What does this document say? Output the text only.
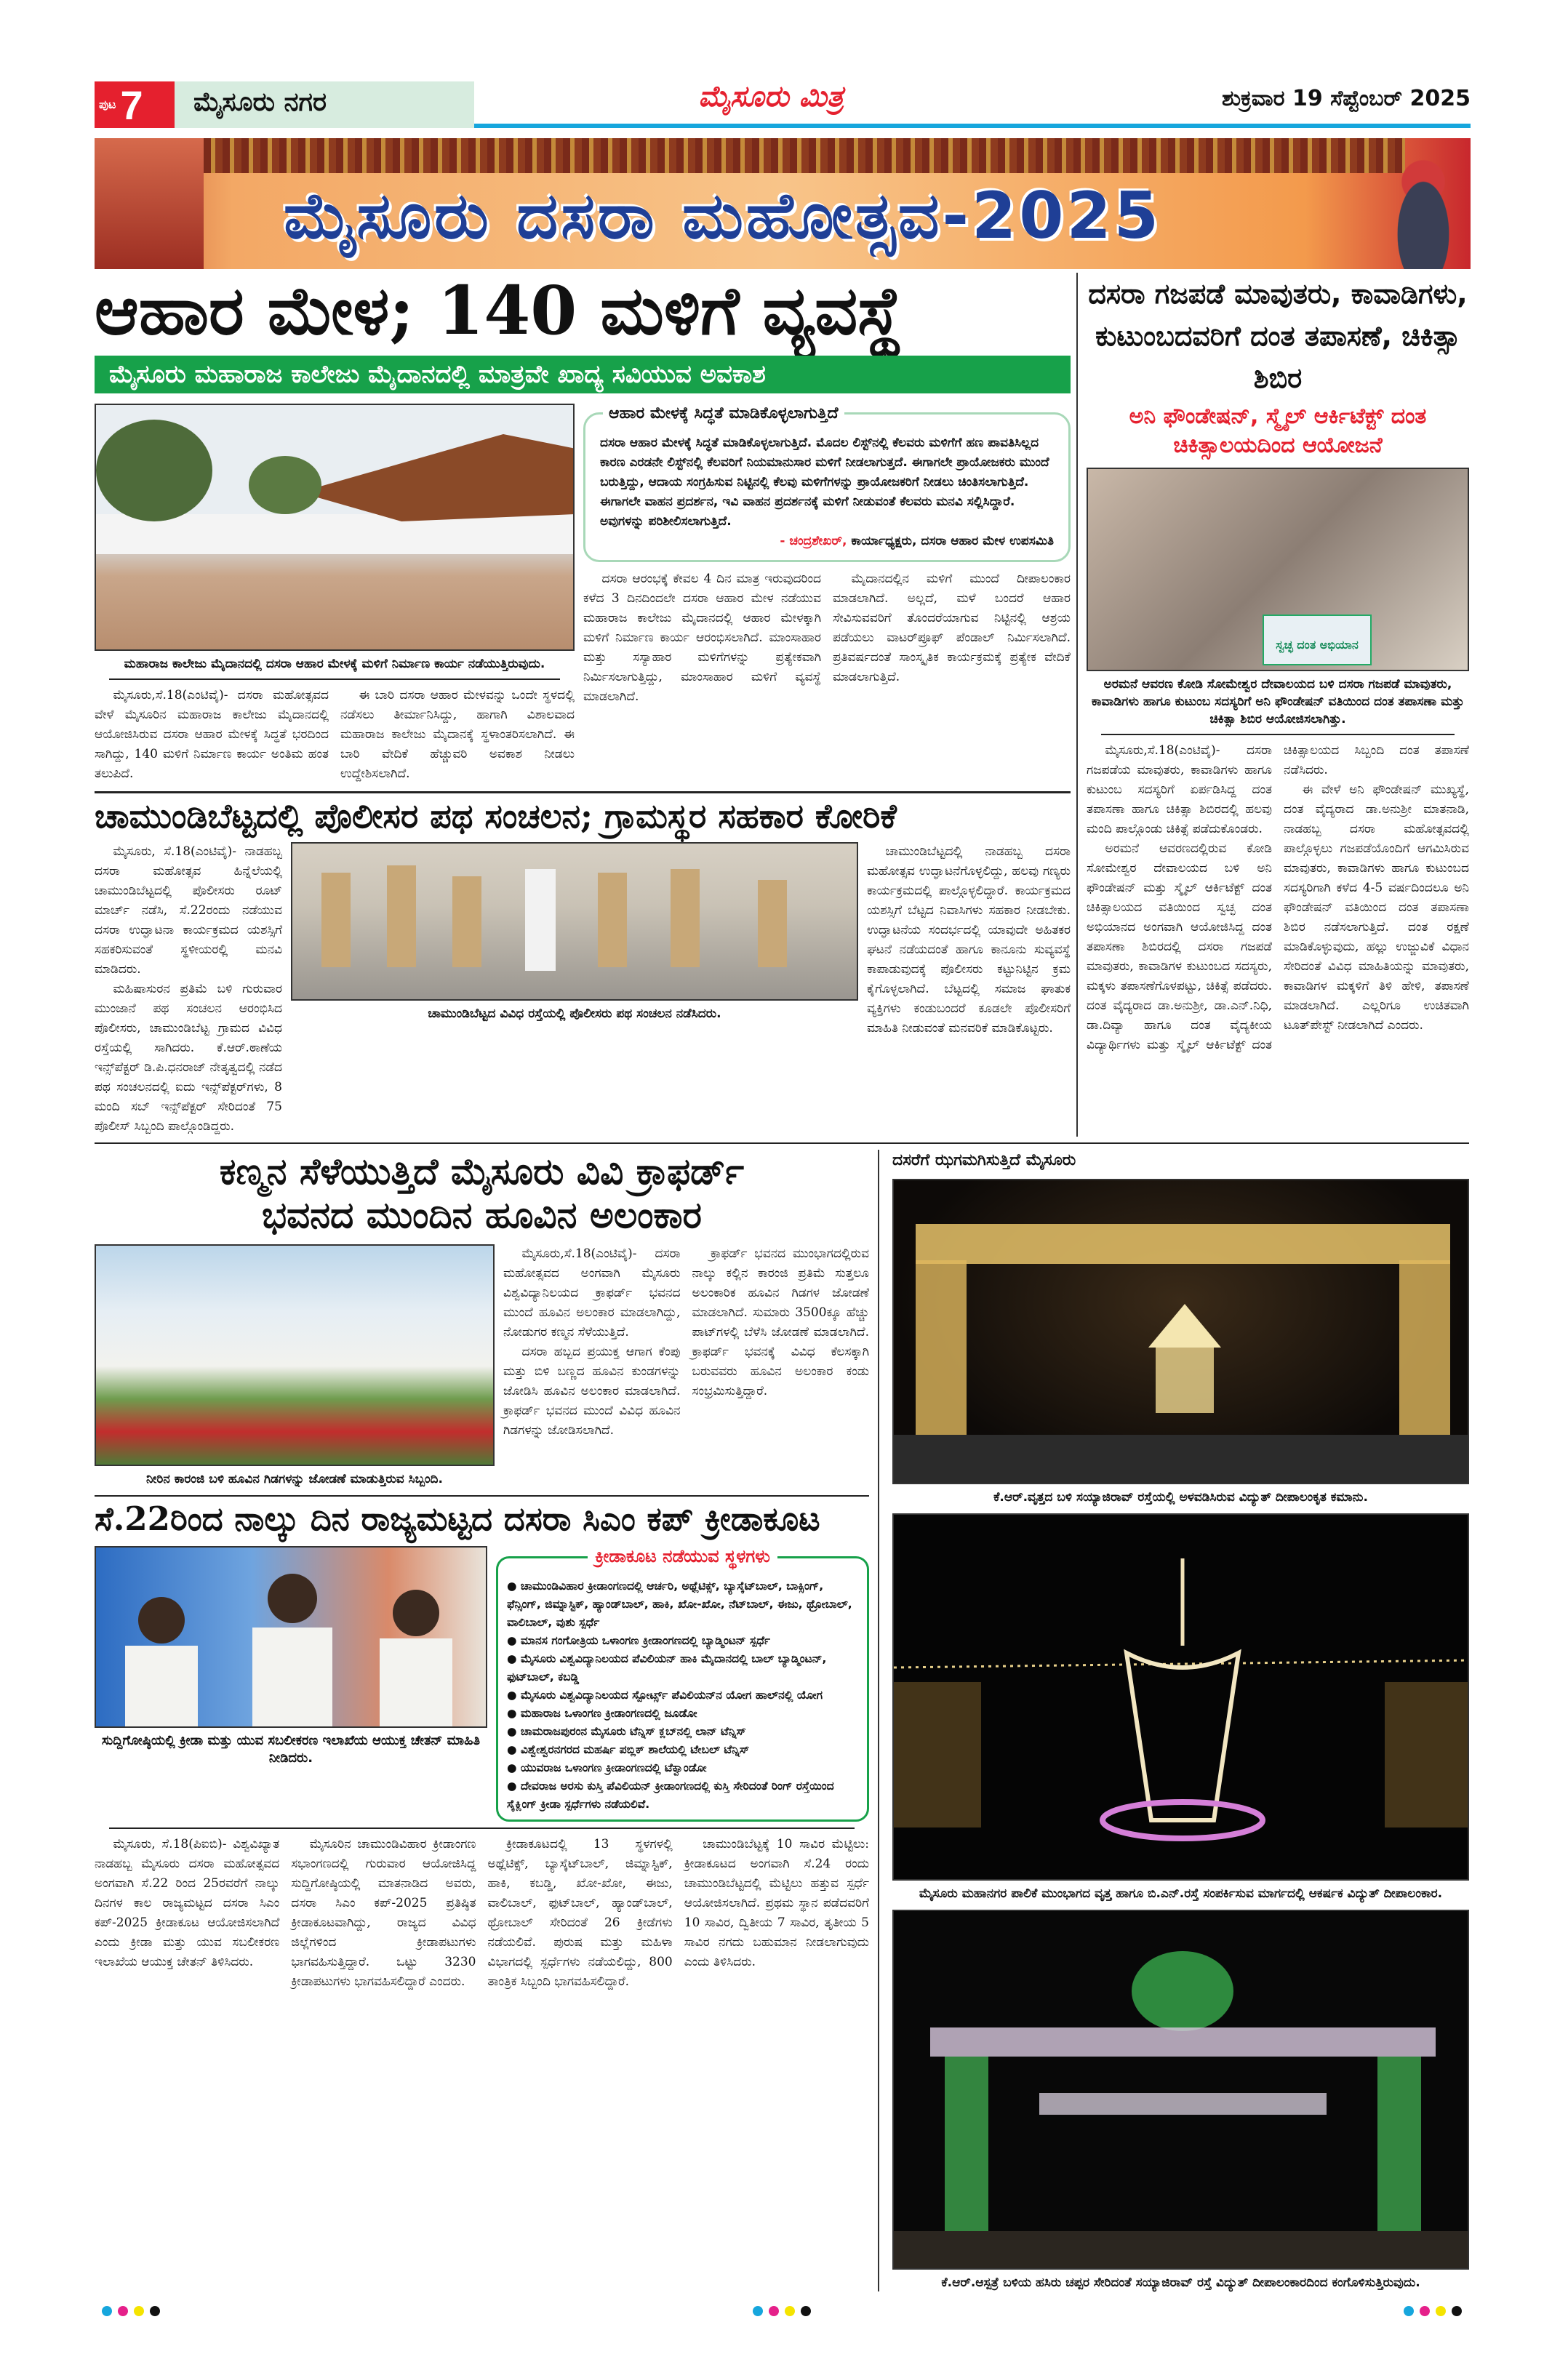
ಪುಟ 7	ಮೈಸೂರು ನಗರ	ಮೈಸೂರು ಮಿತ್ರ	ಶುಕ್ರವಾರ 19 ಸೆಪ್ಟೆಂಬರ್ 2025
ಮೈಸೂರು ದಸರಾ ಮಹೋತ್ಸವ-2025
ಆಹಾರ ಮೇಳ; 140 ಮಳಿಗೆ ವ್ಯವಸ್ಥೆ
ಮೈಸೂರು ಮಹಾರಾಜ ಕಾಲೇಜು ಮೈದಾನದಲ್ಲಿ ಮಾತ್ರವೇ ಖಾದ್ಯ ಸವಿಯುವ ಅವಕಾಶ
ಮಹಾರಾಜ ಕಾಲೇಜು ಮೈದಾನದಲ್ಲಿ ದಸರಾ ಆಹಾರ ಮೇಳಕ್ಕೆ ಮಳಿಗೆ ನಿರ್ಮಾಣ ಕಾರ್ಯ ನಡೆಯುತ್ತಿರುವುದು.

ಮೈಸೂರು,ಸೆ.18(ಎಂಟಿವೈ)- ದಸರಾ ಮಹೋತ್ಸವದ ವೇಳೆ ಮೈಸೂರಿನ ಮಹಾರಾಜ ಕಾಲೇಜು ಮೈದಾನದಲ್ಲಿ ಆಯೋಜಿಸಿರುವ ದಸರಾ ಆಹಾರ ಮೇಳಕ್ಕೆ ಸಿದ್ಧತೆ ಭರದಿಂದ ಸಾಗಿದ್ದು, 140 ಮಳಿಗೆ ನಿರ್ಮಾಣ ಕಾರ್ಯ ಅಂತಿಮ ಹಂತ ತಲುಪಿದೆ.

ಈ ಬಾರಿ ದಸರಾ ಆಹಾರ ಮೇಳವನ್ನು ಒಂದೇ ಸ್ಥಳದಲ್ಲಿ ನಡೆಸಲು ತೀರ್ಮಾನಿಸಿದ್ದು, ಹಾಗಾಗಿ ವಿಶಾಲವಾದ ಮಹಾರಾಜ ಕಾಲೇಜು ಮೈದಾನಕ್ಕೆ ಸ್ಥಳಾಂತರಿಸಲಾಗಿದೆ. ಈ ಬಾರಿ ವೇದಿಕೆ ಹೆಚ್ಚುವರಿ ಅವಕಾಶ ನೀಡಲು ಉದ್ದೇಶಿಸಲಾಗಿದೆ.

ಆಹಾರ ಮೇಳಕ್ಕೆ ಸಿದ್ಧತೆ ಮಾಡಿಕೊಳ್ಳಲಾಗುತ್ತಿದೆ
ದಸರಾ ಆಹಾರ ಮೇಳಕ್ಕೆ ಸಿದ್ಧತೆ ಮಾಡಿಕೊಳ್ಳಲಾಗುತ್ತಿದೆ. ಮೊದಲ ಲಿಸ್ಟ್‌ನಲ್ಲಿ ಕೆಲವರು ಮಳಿಗೆಗೆ ಹಣ ಪಾವತಿಸಿಲ್ಲದ ಕಾರಣ ಎರಡನೇ ಲಿಸ್ಟ್‌ನಲ್ಲಿ ಕೆಲವರಿಗೆ ನಿಯಮಾನುಸಾರ ಮಳಿಗೆ ನೀಡಲಾಗುತ್ತದೆ. ಈಗಾಗಲೇ ಪ್ರಾಯೋಜಕರು ಮುಂದೆ ಬರುತ್ತಿದ್ದು, ಆದಾಯ ಸಂಗ್ರಹಿಸುವ ನಿಟ್ಟಿನಲ್ಲಿ ಕೆಲವು ಮಳಿಗೆಗಳನ್ನು ಪ್ರಾಯೋಜಕರಿಗೆ ನೀಡಲು ಚಿಂತಿಸಲಾಗುತ್ತಿದೆ. ಈಗಾಗಲೇ ವಾಹನ ಪ್ರದರ್ಶನ, ಇವಿ ವಾಹನ ಪ್ರದರ್ಶನಕ್ಕೆ ಮಳಿಗೆ ನೀಡುವಂತೆ ಕೆಲವರು ಮನವಿ ಸಲ್ಲಿಸಿದ್ದಾರೆ. ಅವುಗಳನ್ನು ಪರಿಶೀಲಿಸಲಾಗುತ್ತಿದೆ.
- ಚಂದ್ರಶೇಖರ್, ಕಾರ್ಯಾಧ್ಯಕ್ಷರು, ದಸರಾ ಆಹಾರ ಮೇಳ ಉಪಸಮಿತಿ

ದಸರಾ ಆರಂಭಕ್ಕೆ ಕೇವಲ 4 ದಿನ ಮಾತ್ರ ಇರುವುದರಿಂದ ಕಳೆದ 3 ದಿನದಿಂದಲೇ ದಸರಾ ಆಹಾರ ಮೇಳ ನಡೆಯುವ ಮಹಾರಾಜ ಕಾಲೇಜು ಮೈದಾನದಲ್ಲಿ ಆಹಾರ ಮೇಳಕ್ಕಾಗಿ ಮಳಿಗೆ ನಿರ್ಮಾಣ ಕಾರ್ಯ ಆರಂಭಿಸಲಾಗಿದೆ. ಮಾಂಸಾಹಾರ ಮತ್ತು ಸಸ್ಯಾಹಾರ ಮಳಿಗೆಗಳನ್ನು ಪ್ರತ್ಯೇಕವಾಗಿ ನಿರ್ಮಿಸಲಾಗುತ್ತಿದ್ದು, ಮಾಂಸಾಹಾರ ಮಳಿಗೆ ವ್ಯವಸ್ಥೆ ಮಾಡಲಾಗಿದೆ.

ಮೈದಾನದಲ್ಲಿನ ಮಳಿಗೆ ಮುಂದೆ ದೀಪಾಲಂಕಾರ ಮಾಡಲಾಗಿದೆ. ಅಲ್ಲದೆ, ಮಳೆ ಬಂದರೆ ಆಹಾರ ಸೇವಿಸುವವರಿಗೆ ತೊಂದರೆಯಾಗುವ ನಿಟ್ಟಿನಲ್ಲಿ ಆಶ್ರಯ ಪಡೆಯಲು ವಾಟರ್‌ಪ್ರೂಫ್ ಪೆಂಡಾಲ್ ನಿರ್ಮಿಸಲಾಗಿದೆ. ಪ್ರತಿವರ್ಷದಂತೆ ಸಾಂಸ್ಕೃತಿಕ ಕಾರ್ಯಕ್ರಮಕ್ಕೆ ಪ್ರತ್ಯೇಕ ವೇದಿಕೆ ಮಾಡಲಾಗುತ್ತಿದೆ.

ಚಾಮುಂಡಿಬೆಟ್ಟದಲ್ಲಿ ಪೊಲೀಸರ ಪಥ ಸಂಚಲನ; ಗ್ರಾಮಸ್ಥರ ಸಹಕಾರ ಕೋರಿಕೆ

ಮೈಸೂರು, ಸೆ.18(ಎಂಟಿವೈ)- ನಾಡಹಬ್ಬ ದಸರಾ ಮಹೋತ್ಸವ ಹಿನ್ನೆಲೆಯಲ್ಲಿ ಚಾಮುಂಡಿಬೆಟ್ಟದಲ್ಲಿ ಪೊಲೀಸರು ರೂಟ್ ಮಾರ್ಚ್ ನಡೆಸಿ, ಸೆ.22ರಂದು ನಡೆಯುವ ದಸರಾ ಉದ್ಘಾಟನಾ ಕಾರ್ಯಕ್ರಮದ ಯಶಸ್ಸಿಗೆ ಸಹಕರಿಸುವಂತೆ ಸ್ಥಳೀಯರಲ್ಲಿ ಮನವಿ ಮಾಡಿದರು.

ಮಹಿಷಾಸುರನ ಪ್ರತಿಮೆ ಬಳಿ ಗುರುವಾರ ಮುಂಜಾನೆ ಪಥ ಸಂಚಲನ ಆರಂಭಿಸಿದ ಪೊಲೀಸರು, ಚಾಮುಂಡಿಬೆಟ್ಟ ಗ್ರಾಮದ ವಿವಿಧ ರಸ್ತೆಯಲ್ಲಿ ಸಾಗಿದರು. ಕೆ.ಆರ್.ಠಾಣೆಯ ಇನ್ಸ್‌ಪೆಕ್ಟರ್ ಡಿ.ಪಿ.ಧನರಾಜ್ ನೇತೃತ್ವದಲ್ಲಿ ನಡೆದ ಪಥ ಸಂಚಲನದಲ್ಲಿ ಐದು ಇನ್ಸ್‌ಪೆಕ್ಟರ್‌ಗಳು, 8 ಮಂದಿ ಸಬ್ ಇನ್ಸ್‌ಪೆಕ್ಟರ್ ಸೇರಿದಂತೆ 75 ಪೊಲೀಸ್ ಸಿಬ್ಬಂದಿ ಪಾಲ್ಗೊಂಡಿದ್ದರು.

ಚಾಮುಂಡಿಬೆಟ್ಟದ ವಿವಿಧ ರಸ್ತೆಯಲ್ಲಿ ಪೊಲೀಸರು ಪಥ ಸಂಚಲನ ನಡೆಸಿದರು.

ಚಾಮುಂಡಿಬೆಟ್ಟದಲ್ಲಿ ನಾಡಹಬ್ಬ ದಸರಾ ಮಹೋತ್ಸವ ಉದ್ಘಾಟನೆಗೊಳ್ಳಲಿದ್ದು, ಹಲವು ಗಣ್ಯರು ಕಾರ್ಯಕ್ರಮದಲ್ಲಿ ಪಾಲ್ಗೊಳ್ಳಲಿದ್ದಾರೆ. ಕಾರ್ಯಕ್ರಮದ ಯಶಸ್ಸಿಗೆ ಬೆಟ್ಟದ ನಿವಾಸಿಗಳು ಸಹಕಾರ ನೀಡಬೇಕು. ಉದ್ಘಾಟನೆಯ ಸಂದರ್ಭದಲ್ಲಿ ಯಾವುದೇ ಅಹಿತಕರ ಘಟನೆ ನಡೆಯದಂತೆ ಹಾಗೂ ಕಾನೂನು ಸುವ್ಯವಸ್ಥೆ ಕಾಪಾಡುವುದಕ್ಕೆ ಪೊಲೀಸರು ಕಟ್ಟುನಿಟ್ಟಿನ ಕ್ರಮ ಕೈಗೊಳ್ಳಲಾಗಿದೆ. ಬೆಟ್ಟದಲ್ಲಿ ಸಮಾಜ ಘಾತುಕ ವ್ಯಕ್ತಿಗಳು ಕಂಡುಬಂದರೆ ಕೂಡಲೇ ಪೊಲೀಸರಿಗೆ ಮಾಹಿತಿ ನೀಡುವಂತೆ ಮನವರಿಕೆ ಮಾಡಿಕೊಟ್ಟರು.

ದಸರಾ ಗಜಪಡೆ ಮಾವುತರು, ಕಾವಾಡಿಗಳು, ಕುಟುಂಬದವರಿಗೆ ದಂತ ತಪಾಸಣೆ, ಚಿಕಿತ್ಸಾ ಶಿಬಿರ
ಅನಿ ಫೌಂಡೇಷನ್, ಸ್ಮೈಲ್ ಆರ್ಕಿಟೆಕ್ಟ್ ದಂತ ಚಿಕಿತ್ಸಾಲಯದಿಂದ ಆಯೋಜನೆ
ಸ್ವಚ್ಛ ದಂತ ಅಭಿಯಾನ
ಅರಮನೆ ಆವರಣ ಕೋಡಿ ಸೋಮೇಶ್ವರ ದೇವಾಲಯದ ಬಳಿ ದಸರಾ ಗಜಪಡೆ ಮಾವುತರು, ಕಾವಾಡಿಗಳು ಹಾಗೂ ಕುಟುಂಬ ಸದಸ್ಯರಿಗೆ ಅನಿ ಫೌಂಡೇಷನ್ ವತಿಯಿಂದ ದಂತ ತಪಾಸಣಾ ಮತ್ತು ಚಿಕಿತ್ಸಾ ಶಿಬಿರ ಆಯೋಜಿಸಲಾಗಿತ್ತು.

ಮೈಸೂರು,ಸೆ.18(ಎಂಟಿವೈ)- ದಸರಾ ಗಜಪಡೆಯ ಮಾವುತರು, ಕಾವಾಡಿಗಳು ಹಾಗೂ ಕುಟುಂಬ ಸದಸ್ಯರಿಗೆ ಏರ್ಪಡಿಸಿದ್ದ ದಂತ ತಪಾಸಣಾ ಹಾಗೂ ಚಿಕಿತ್ಸಾ ಶಿಬಿರದಲ್ಲಿ ಹಲವು ಮಂದಿ ಪಾಲ್ಗೊಂಡು ಚಿಕಿತ್ಸೆ ಪಡೆದುಕೊಂಡರು.

ಅರಮನೆ ಆವರಣದಲ್ಲಿರುವ ಕೋಡಿ ಸೋಮೇಶ್ವರ ದೇವಾಲಯದ ಬಳಿ ಅನಿ ಫೌಂಡೇಷನ್ ಮತ್ತು ಸ್ಮೈಲ್ ಆರ್ಕಿಟೆಕ್ಟ್ ದಂತ ಚಿಕಿತ್ಸಾಲಯದ ವತಿಯಿಂದ ಸ್ವಚ್ಛ ದಂತ ಅಭಿಯಾನದ ಅಂಗವಾಗಿ ಆಯೋಜಿಸಿದ್ದ ದಂತ ತಪಾಸಣಾ ಶಿಬಿರದಲ್ಲಿ ದಸರಾ ಗಜಪಡೆ ಮಾವುತರು, ಕಾವಾಡಿಗಳ ಕುಟುಂಬದ ಸದಸ್ಯರು, ಮಕ್ಕಳು ತಪಾಸಣೆಗೊಳಪಟ್ಟು, ಚಿಕಿತ್ಸೆ ಪಡೆದರು. ದಂತ ವೈದ್ಯರಾದ ಡಾ.ಅನುಶ್ರೀ, ಡಾ.ಎನ್.ನಿಧಿ, ಡಾ.ದಿವ್ಯಾ ಹಾಗೂ ದಂತ ವೈದ್ಯಕೀಯ ವಿದ್ಯಾರ್ಥಿಗಳು ಮತ್ತು ಸ್ಮೈಲ್ ಆರ್ಕಿಟೆಕ್ಟ್ ದಂತ ಚಿಕಿತ್ಸಾಲಯದ ಸಿಬ್ಬಂದಿ ದಂತ ತಪಾಸಣೆ ನಡೆಸಿದರು.

ಈ ವೇಳೆ ಅನಿ ಫೌಂಡೇಷನ್ ಮುಖ್ಯಸ್ಥೆ, ದಂತ ವೈದ್ಯರಾದ ಡಾ.ಅನುಶ್ರೀ ಮಾತನಾಡಿ, ನಾಡಹಬ್ಬ ದಸರಾ ಮಹೋತ್ಸವದಲ್ಲಿ ಪಾಲ್ಗೊಳ್ಳಲು ಗಜಪಡೆಯೊಂದಿಗೆ ಆಗಮಿಸಿರುವ ಮಾವುತರು, ಕಾವಾಡಿಗಳು ಹಾಗೂ ಕುಟುಂಬದ ಸದಸ್ಯರಿಗಾಗಿ ಕಳೆದ 4-5 ವರ್ಷದಿಂದಲೂ ಅನಿ ಫೌಂಡೇಷನ್ ವತಿಯಿಂದ ದಂತ ತಪಾಸಣಾ ಶಿಬಿರ ನಡೆಸಲಾಗುತ್ತಿದೆ. ದಂತ ರಕ್ಷಣೆ ಮಾಡಿಕೊಳ್ಳುವುದು, ಹಲ್ಲು ಉಜ್ಜುವಿಕೆ ವಿಧಾನ ಸೇರಿದಂತೆ ವಿವಿಧ ಮಾಹಿತಿಯನ್ನು ಮಾವುತರು, ಕಾವಾಡಿಗಳ ಮಕ್ಕಳಿಗೆ ತಿಳಿ ಹೇಳಿ, ತಪಾಸಣೆ ಮಾಡಲಾಗಿದೆ. ಎಲ್ಲರಿಗೂ ಉಚಿತವಾಗಿ ಟೂತ್‌ಪೇಸ್ಟ್ ನೀಡಲಾಗಿದೆ ಎಂದರು.

ಕಣ್ಮನ ಸೆಳೆಯುತ್ತಿದೆ ಮೈಸೂರು ವಿವಿ ಕ್ರಾಫರ್ಡ್
ಭವನದ ಮುಂದಿನ ಹೂವಿನ ಅಲಂಕಾರ
ನೀರಿನ ಕಾರಂಜಿ ಬಳಿ ಹೂವಿನ ಗಿಡಗಳನ್ನು ಜೋಡಣೆ ಮಾಡುತ್ತಿರುವ ಸಿಬ್ಬಂದಿ.

ಮೈಸೂರು,ಸೆ.18(ಎಂಟಿವೈ)- ದಸರಾ ಮಹೋತ್ಸವದ ಅಂಗವಾಗಿ ಮೈಸೂರು ವಿಶ್ವವಿದ್ಯಾನಿಲಯದ ಕ್ರಾಫರ್ಡ್ ಭವನದ ಮುಂದೆ ಹೂವಿನ ಅಲಂಕಾರ ಮಾಡಲಾಗಿದ್ದು, ನೋಡುಗರ ಕಣ್ಮನ ಸೆಳೆಯುತ್ತಿದೆ.

ದಸರಾ ಹಬ್ಬದ ಪ್ರಯುಕ್ತ ಆಗಾಗ ಕೆಂಪು ಮತ್ತು ಬಿಳಿ ಬಣ್ಣದ ಹೂವಿನ ಕುಂಡಗಳನ್ನು ಜೋಡಿಸಿ ಹೂವಿನ ಅಲಂಕಾರ ಮಾಡಲಾಗಿದೆ. ಕ್ರಾಫರ್ಡ್ ಭವನದ ಮುಂದೆ ವಿವಿಧ ಹೂವಿನ ಗಿಡಗಳನ್ನು ಜೋಡಿಸಲಾಗಿದೆ.

ಕ್ರಾಫರ್ಡ್ ಭವನದ ಮುಂಭಾಗದಲ್ಲಿರುವ ನಾಲ್ಕು ಕಲ್ಲಿನ ಕಾರಂಜಿ ಪ್ರತಿಮೆ ಸುತ್ತಲೂ ಅಲಂಕಾರಿಕ ಹೂವಿನ ಗಿಡಗಳ ಜೋಡಣೆ ಮಾಡಲಾಗಿದೆ. ಸುಮಾರು 3500ಕ್ಕೂ ಹೆಚ್ಚು ಪಾಟ್‌ಗಳಲ್ಲಿ ಬೆಳೆಸಿ ಜೋಡಣೆ ಮಾಡಲಾಗಿದೆ. ಕ್ರಾಫರ್ಡ್ ಭವನಕ್ಕೆ ವಿವಿಧ ಕೆಲಸಕ್ಕಾಗಿ ಬರುವವರು ಹೂವಿನ ಅಲಂಕಾರ ಕಂಡು ಸಂಭ್ರಮಿಸುತ್ತಿದ್ದಾರೆ.

ಸೆ.22ರಿಂದ ನಾಲ್ಕು ದಿನ ರಾಜ್ಯಮಟ್ಟದ ದಸರಾ ಸಿಎಂ ಕಪ್ ಕ್ರೀಡಾಕೂಟ
ಸುದ್ದಿಗೋಷ್ಠಿಯಲ್ಲಿ ಕ್ರೀಡಾ ಮತ್ತು ಯುವ ಸಬಲೀಕರಣ ಇಲಾಖೆಯ ಆಯುಕ್ತ ಚೇತನ್ ಮಾಹಿತಿ ನೀಡಿದರು.
ಕ್ರೀಡಾಕೂಟ ನಡೆಯುವ ಸ್ಥಳಗಳು
● ಚಾಮುಂಡಿವಿಹಾರ ಕ್ರೀಡಾಂಗಣದಲ್ಲಿ ಆರ್ಚರಿ, ಅಥ್ಲೆಟಿಕ್ಸ್, ಬ್ಯಾಸ್ಕೆಟ್‌ಬಾಲ್, ಬಾಕ್ಸಿಂಗ್, ಫೆನ್ಸಿಂಗ್, ಜಿಮ್ನಾಸ್ಟಿಕ್, ಹ್ಯಾಂಡ್‌ಬಾಲ್, ಹಾಕಿ, ಖೋ-ಖೋ, ನೆಟ್‌ಬಾಲ್, ಈಜು, ಥ್ರೋಬಾಲ್, ವಾಲಿಬಾಲ್, ವುಶು ಸ್ಪರ್ಧೆ
● ಮಾನಸ ಗಂಗೋತ್ರಿಯ ಒಳಾಂಗಣ ಕ್ರೀಡಾಂಗಣದಲ್ಲಿ ಬ್ಯಾಡ್ಮಿಂಟನ್ ಸ್ಪರ್ಧೆ
● ಮೈಸೂರು ವಿಶ್ವವಿದ್ಯಾನಿಲಯದ ಪೆವಿಲಿಯನ್ ಹಾಕಿ ಮೈದಾನದಲ್ಲಿ ಬಾಲ್ ಬ್ಯಾಡ್ಮಿಂಟನ್, ಫುಟ್‌ಬಾಲ್, ಕಬಡ್ಡಿ
● ಮೈಸೂರು ವಿಶ್ವವಿದ್ಯಾನಿಲಯದ ಸ್ಪೋರ್ಟ್ಸ್ ಪೆವಿಲಿಯನ್‌ನ ಯೋಗ ಹಾಲ್‌ನಲ್ಲಿ ಯೋಗ
● ಮಹಾರಾಜ ಒಳಾಂಗಣ ಕ್ರೀಡಾಂಗಣದಲ್ಲಿ ಜೂಡೋ
● ಚಾಮರಾಜಪುರಂನ ಮೈಸೂರು ಟೆನ್ನಿಸ್ ಕ್ಲಬ್‌ನಲ್ಲಿ ಲಾನ್ ಟೆನ್ನಿಸ್
● ವಿಶ್ವೇಶ್ವರನಗರದ ಮಹರ್ಷಿ ಪಬ್ಲಿಕ್ ಶಾಲೆಯಲ್ಲಿ ಟೇಬಲ್ ಟೆನ್ನಿಸ್
● ಯುವರಾಜ ಒಳಾಂಗಣ ಕ್ರೀಡಾಂಗಣದಲ್ಲಿ ಟೆಕ್ವಾಂಡೋ
● ದೇವರಾಜ ಅರಸು ಕುಸ್ತಿ ಪೆವಿಲಿಯನ್ ಕ್ರೀಡಾಂಗಣದಲ್ಲಿ ಕುಸ್ತಿ ಸೇರಿದಂತೆ ರಿಂಗ್ ರಸ್ತೆಯಿಂದ ಸೈಕ್ಲಿಂಗ್ ಕ್ರೀಡಾ ಸ್ಪರ್ಧೆಗಳು ನಡೆಯಲಿವೆ.

ಮೈಸೂರು, ಸೆ.18(ಪಿಐಬಿ)- ವಿಶ್ವವಿಖ್ಯಾತ ನಾಡಹಬ್ಬ ಮೈಸೂರು ದಸರಾ ಮಹೋತ್ಸವದ ಅಂಗವಾಗಿ ಸೆ.22 ರಿಂದ 25ರವರೆಗೆ ನಾಲ್ಕು ದಿನಗಳ ಕಾಲ ರಾಜ್ಯಮಟ್ಟದ ದಸರಾ ಸಿಎಂ ಕಪ್-2025 ಕ್ರೀಡಾಕೂಟ ಆಯೋಜಿಸಲಾಗಿದೆ ಎಂದು ಕ್ರೀಡಾ ಮತ್ತು ಯುವ ಸಬಲೀಕರಣ ಇಲಾಖೆಯ ಆಯುಕ್ತ ಚೇತನ್ ತಿಳಿಸಿದರು.

ಮೈಸೂರಿನ ಚಾಮುಂಡಿವಿಹಾರ ಕ್ರೀಡಾಂಗಣ ಸಭಾಂಗಣದಲ್ಲಿ ಗುರುವಾರ ಆಯೋಜಿಸಿದ್ದ ಸುದ್ದಿಗೋಷ್ಠಿಯಲ್ಲಿ ಮಾತನಾಡಿದ ಅವರು, ದಸರಾ ಸಿಎಂ ಕಪ್-2025 ಪ್ರತಿಷ್ಠಿತ ಕ್ರೀಡಾಕೂಟವಾಗಿದ್ದು, ರಾಜ್ಯದ ವಿವಿಧ ಜಿಲ್ಲೆಗಳಿಂದ ಕ್ರೀಡಾಪಟುಗಳು ಭಾಗವಹಿಸುತ್ತಿದ್ದಾರೆ. ಒಟ್ಟು 3230 ಕ್ರೀಡಾಪಟುಗಳು ಭಾಗವಹಿಸಲಿದ್ದಾರೆ ಎಂದರು.

ಕ್ರೀಡಾಕೂಟದಲ್ಲಿ 13 ಸ್ಥಳಗಳಲ್ಲಿ ಅಥ್ಲೆಟಿಕ್ಸ್, ಬ್ಯಾಸ್ಕೆಟ್‌ಬಾಲ್, ಜಿಮ್ನಾಸ್ಟಿಕ್, ಹಾಕಿ, ಕಬಡ್ಡಿ, ಖೋ-ಖೋ, ಈಜು, ವಾಲಿಬಾಲ್, ಫುಟ್‌ಬಾಲ್, ಹ್ಯಾಂಡ್‌ಬಾಲ್, ಥ್ರೋಬಾಲ್ ಸೇರಿದಂತೆ 26 ಕ್ರೀಡೆಗಳು ನಡೆಯಲಿವೆ. ಪುರುಷ ಮತ್ತು ಮಹಿಳಾ ವಿಭಾಗದಲ್ಲಿ ಸ್ಪರ್ಧೆಗಳು ನಡೆಯಲಿದ್ದು, 800 ತಾಂತ್ರಿಕ ಸಿಬ್ಬಂದಿ ಭಾಗವಹಿಸಲಿದ್ದಾರೆ.

ಚಾಮುಂಡಿಬೆಟ್ಟಕ್ಕೆ 10 ಸಾವಿರ ಮೆಟ್ಟಿಲು: ಕ್ರೀಡಾಕೂಟದ ಅಂಗವಾಗಿ ಸೆ.24 ರಂದು ಚಾಮುಂಡಿಬೆಟ್ಟದಲ್ಲಿ ಮೆಟ್ಟಿಲು ಹತ್ತುವ ಸ್ಪರ್ಧೆ ಆಯೋಜಿಸಲಾಗಿದೆ. ಪ್ರಥಮ ಸ್ಥಾನ ಪಡೆದವರಿಗೆ 10 ಸಾವಿರ, ದ್ವಿತೀಯ 7 ಸಾವಿರ, ತೃತೀಯ 5 ಸಾವಿರ ನಗದು ಬಹುಮಾನ ನೀಡಲಾಗುವುದು ಎಂದು ತಿಳಿಸಿದರು.

ದಸರೆಗೆ ಝಗಮಗಿಸುತ್ತಿದೆ ಮೈಸೂರು
ಕೆ.ಆರ್.ವೃತ್ತದ ಬಳಿ ಸಯ್ಯಾಜಿರಾವ್ ರಸ್ತೆಯಲ್ಲಿ ಅಳವಡಿಸಿರುವ ವಿದ್ಯುತ್ ದೀಪಾಲಂಕೃತ ಕಮಾನು.
ಮೈಸೂರು ಮಹಾನಗರ ಪಾಲಿಕೆ ಮುಂಭಾಗದ ವೃತ್ತ ಹಾಗೂ ಬಿ.ಎನ್.ರಸ್ತೆ ಸಂಪರ್ಕಿಸುವ ಮಾರ್ಗದಲ್ಲಿ ಆಕರ್ಷಕ ವಿದ್ಯುತ್ ದೀಪಾಲಂಕಾರ.
ಕೆ.ಆರ್.ಆಸ್ಪತ್ರೆ ಬಳಿಯ ಹಸಿರು ಚಪ್ಪರ ಸೇರಿದಂತೆ ಸಯ್ಯಾಜಿರಾವ್ ರಸ್ತೆ ವಿದ್ಯುತ್ ದೀಪಾಲಂಕಾರದಿಂದ ಕಂಗೊಳಿಸುತ್ತಿರುವುದು.
